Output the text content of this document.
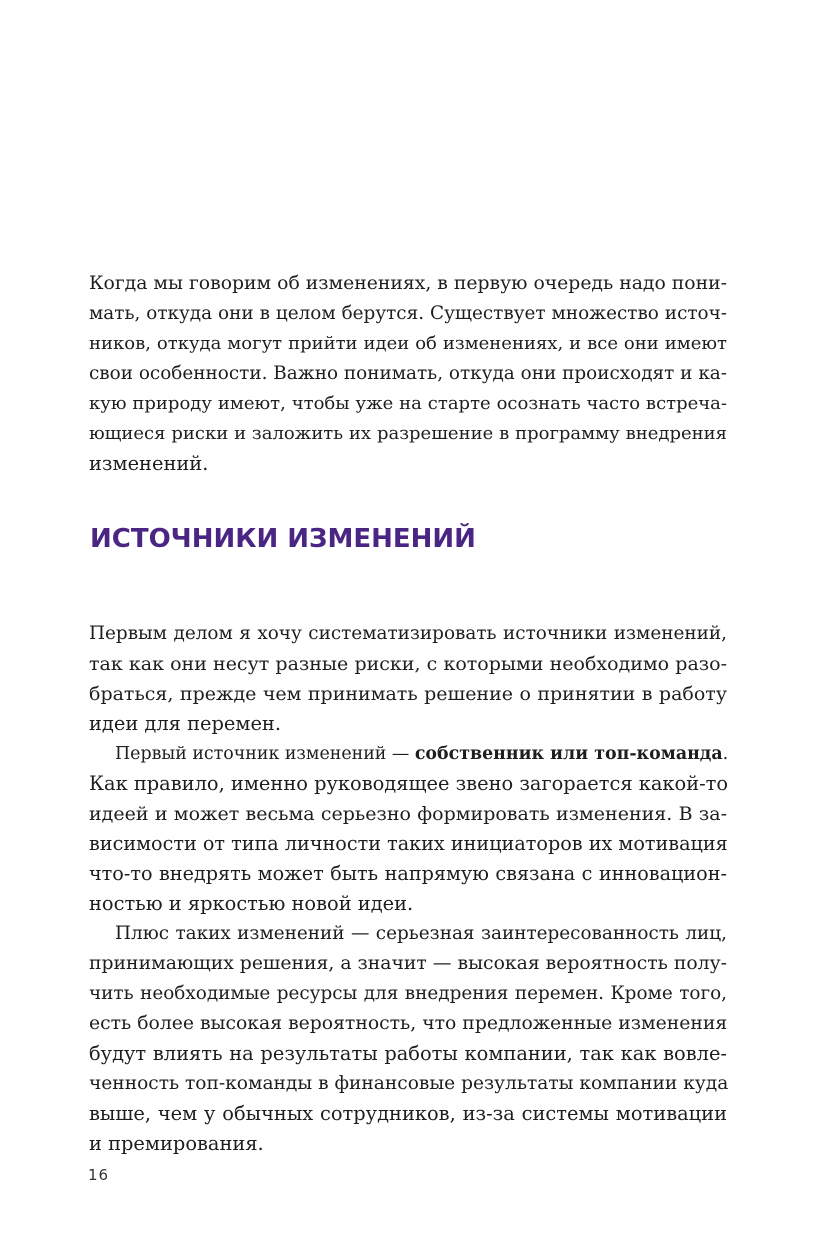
Когда мы говорим об изменениях, в первую очередь надо пони-

мать, откуда они в целом берутся. Существует множество источ-

ников, откуда могут прийти идеи об изменениях, и все они имеют

свои особенности. Важно понимать, откуда они происходят и ка-

кую природу имеют, чтобы уже на старте осознать часто встреча-

ющиеся риски и заложить их разрешение в программу внедрения

изменений.

ИСТОЧНИКИ ИЗМЕНЕНИЙ

Первым делом я хочу систематизировать источники изменений,

так как они несут разные риски, с которыми необходимо разо-

браться, прежде чем принимать решение о принятии в работу

идеи для перемен.

Первый источник изменений — собственник или топ-команда.

Как правило, именно руководящее звено загорается какой-то

идеей и может весьма серьезно формировать изменения. В за-

висимости от типа личности таких инициаторов их мотивация

что-то внедрять может быть напрямую связана с инновацион-

ностью и яркостью новой идеи.

Плюс таких изменений — серьезная заинтересованность лиц,

принимающих решения, а значит — высокая вероятность полу-

чить необходимые ресурсы для внедрения перемен. Кроме того,

есть более высокая вероятность, что предложенные изменения

будут влиять на результаты работы компании, так как вовле-

ченность топ-команды в финансовые результаты компании куда

выше, чем у обычных сотрудников, из-за системы мотивации

и премирования.

16
